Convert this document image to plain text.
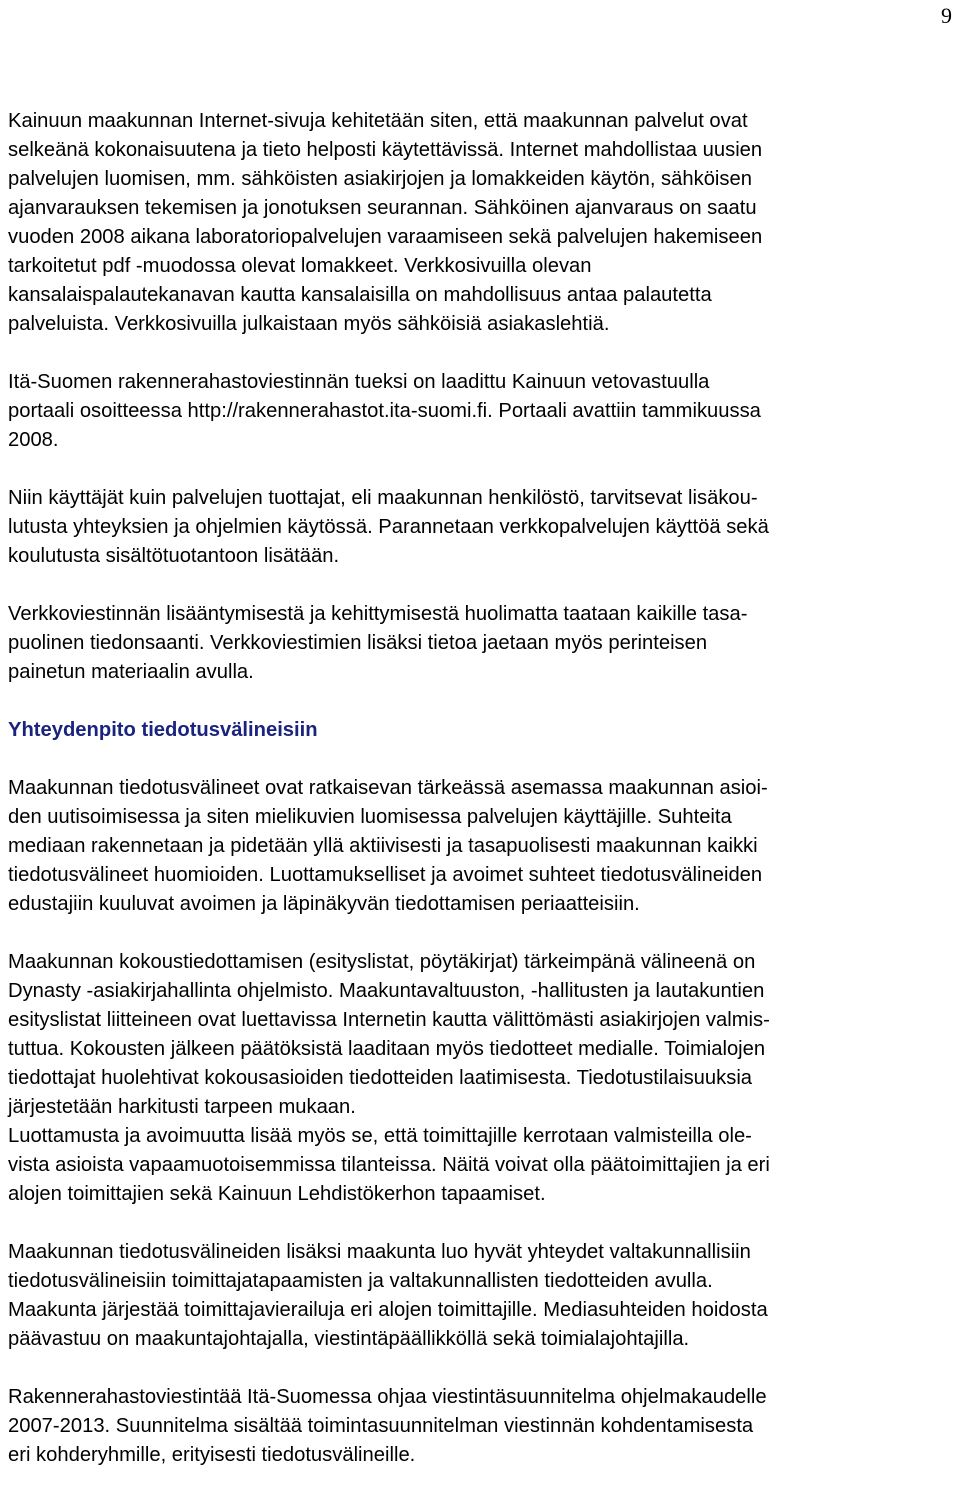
9

Kainuun maakunnan Internet-sivuja kehitetään siten, että maakunnan palvelut ovat
selkeänä kokonaisuutena ja tieto helposti käytettävissä. Internet mahdollistaa uusien
palvelujen luomisen, mm. sähköisten asiakirjojen ja lomakkeiden käytön, sähköisen
ajanvarauksen tekemisen ja jonotuksen seurannan. Sähköinen ajanvaraus on saatu
vuoden 2008 aikana laboratoriopalvelujen varaamiseen sekä palvelujen hakemiseen
tarkoitetut pdf -muodossa olevat lomakkeet. Verkkosivuilla olevan
kansalaispalautekanavan kautta kansalaisilla on mahdollisuus antaa palautetta
palveluista. Verkkosivuilla julkaistaan myös sähköisiä asiakaslehtiä.

Itä-Suomen rakennerahastoviestinnän tueksi on laadittu Kainuun vetovastuulla
portaali osoitteessa http://rakennerahastot.ita-suomi.fi. Portaali avattiin tammikuussa
2008.

Niin käyttäjät kuin palvelujen tuottajat, eli maakunnan henkilöstö, tarvitsevat lisäkou-
lutusta yhteyksien ja ohjelmien käytössä. Parannetaan verkkopalvelujen käyttöä sekä
koulutusta sisältötuotantoon lisätään.

Verkkoviestinnän lisääntymisestä ja kehittymisestä huolimatta taataan kaikille tasa-
puolinen tiedonsaanti. Verkkoviestimien lisäksi tietoa jaetaan myös perinteisen
painetun materiaalin avulla.

Yhteydenpito tiedotusvälineisiin

Maakunnan tiedotusvälineet ovat ratkaisevan tärkeässä asemassa maakunnan asioi-
den uutisoimisessa ja siten mielikuvien luomisessa palvelujen käyttäjille. Suhteita
mediaan rakennetaan ja pidetään yllä aktiivisesti ja tasapuolisesti maakunnan kaikki
tiedotusvälineet huomioiden. Luottamukselliset ja avoimet suhteet tiedotusvälineiden
edustajiin kuuluvat avoimen ja läpinäkyvän tiedottamisen periaatteisiin.

Maakunnan kokoustiedottamisen (esityslistat, pöytäkirjat) tärkeimpänä välineenä on
Dynasty -asiakirjahallinta ohjelmisto. Maakuntavaltuuston, -hallitusten ja lautakuntien
esityslistat liitteineen ovat luettavissa Internetin kautta välittömästi asiakirjojen valmis-
tuttua. Kokousten jälkeen päätöksistä laaditaan myös tiedotteet medialle. Toimialojen
tiedottajat huolehtivat kokousasioiden tiedotteiden laatimisesta. Tiedotustilaisuuksia
järjestetään harkitusti tarpeen mukaan.

Luottamusta ja avoimuutta lisää myös se, että toimittajille kerrotaan valmisteilla ole-
vista asioista vapaamuotoisemmissa tilanteissa. Näitä voivat olla päätoimittajien ja eri
alojen toimittajien sekä Kainuun Lehdistökerhon tapaamiset.

Maakunnan tiedotusvälineiden lisäksi maakunta luo hyvät yhteydet valtakunnallisiin
tiedotusvälineisiin toimittajatapaamisten ja valtakunnallisten tiedotteiden avulla.
Maakunta järjestää toimittajavierailuja eri alojen toimittajille. Mediasuhteiden hoidosta
päävastuu on maakuntajohtajalla, viestintäpäällikköllä sekä toimialajohtajilla.

Rakennerahastoviestintää Itä-Suomessa ohjaa viestintäsuunnitelma ohjelmakaudelle
2007-2013. Suunnitelma sisältää toimintasuunnitelman viestinnän kohdentamisesta
eri kohderyhmille, erityisesti tiedotusvälineille.
